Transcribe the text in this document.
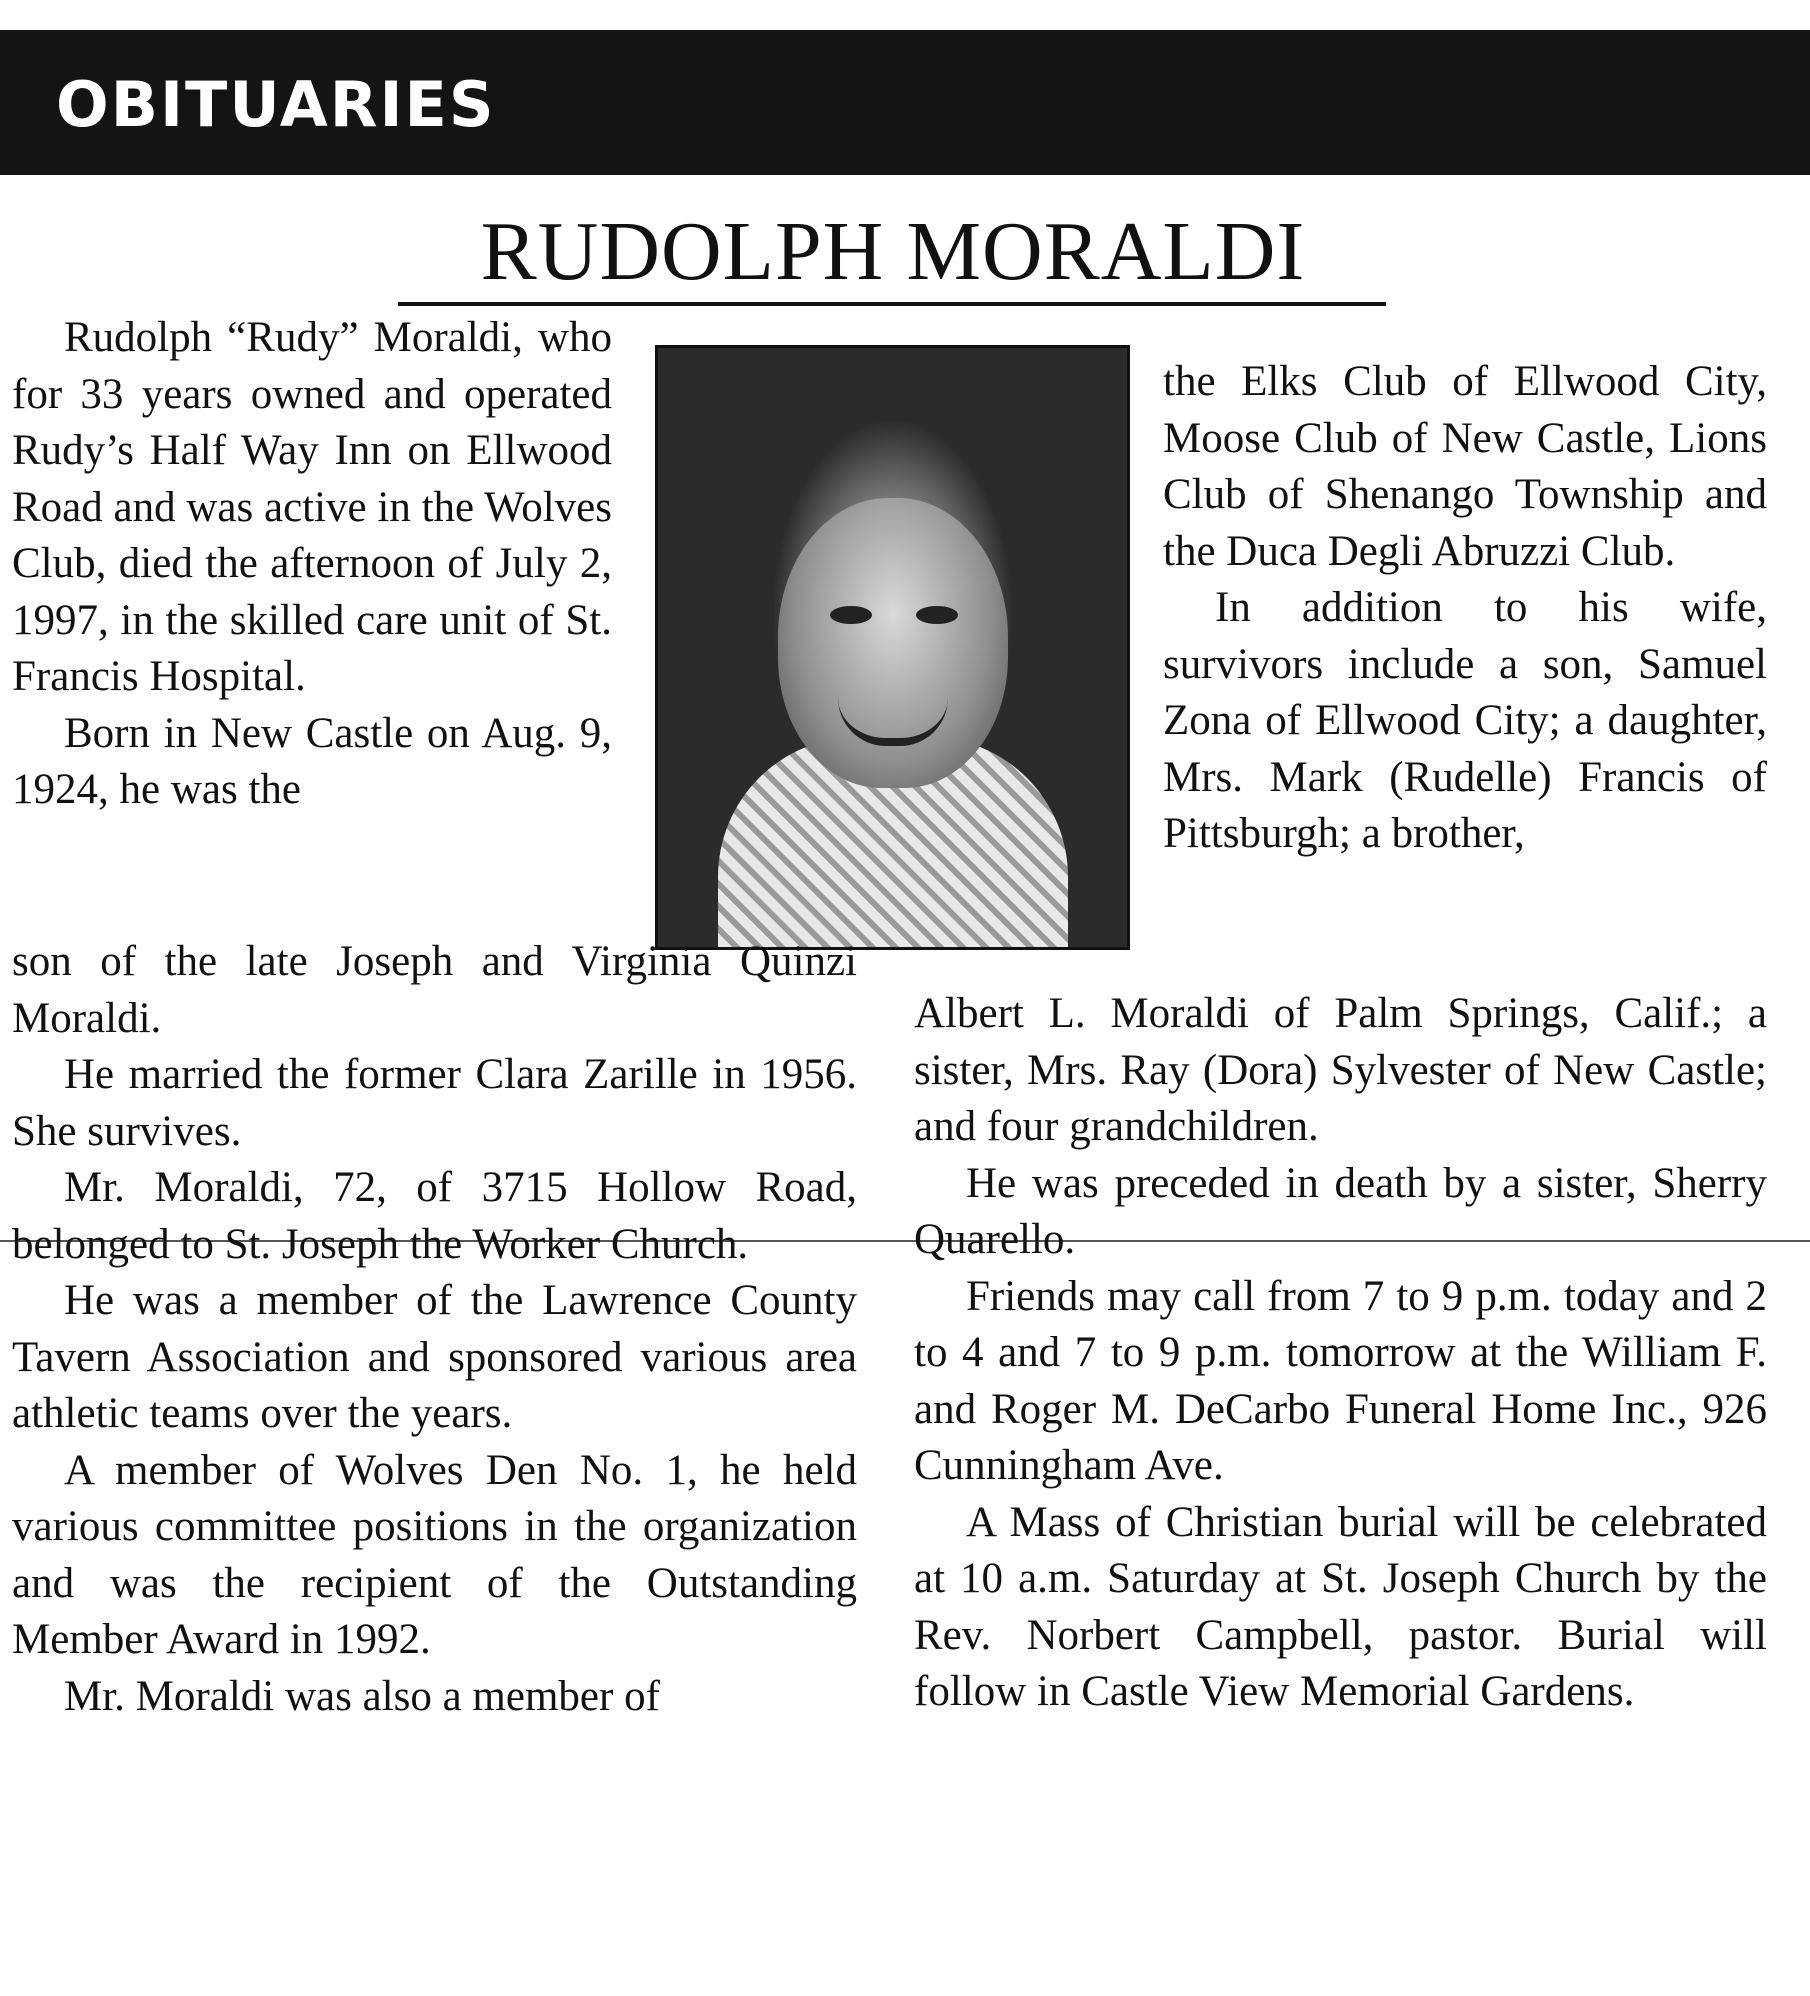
OBITUARIES
RUDOLPH MORALDI

Rudolph “Rudy” Moraldi, who for 33 years owned and operated Rudy’s Half Way Inn on Ellwood Road and was active in the Wolves Club, died the afternoon of July 2, 1997, in the skilled care unit of St. Francis Hospital.

Born in New Castle on Aug. 9, 1924, he was the

son of the late Joseph and Virginia Quinzi Moraldi.

He married the former Clara Zarille in 1956. She survives.

Mr. Moraldi, 72, of 3715 Hollow Road, belonged to St. Joseph the Worker Church.

He was a member of the Lawrence County Tavern Association and sponsored various area athletic teams over the years.

A member of Wolves Den No. 1, he held various committee positions in the organization and was the recipient of the Outstanding Member Award in 1992.

Mr. Moraldi was also a member of

the Elks Club of Ellwood City, Moose Club of New Castle, Lions Club of Shenango Township and the Duca Degli Abruzzi Club.

In addition to his wife, survivors include a son, Samuel Zona of Ellwood City; a daughter, Mrs. Mark (Rudelle) Francis of Pittsburgh; a brother,

Albert L. Moraldi of Palm Springs, Calif.; a sister, Mrs. Ray (Dora) Sylvester of New Castle; and four grandchildren.

He was preceded in death by a sister, Sherry Quarello.

Friends may call from 7 to 9 p.m. today and 2 to 4 and 7 to 9 p.m. tomorrow at the William F. and Roger M. DeCarbo Funeral Home Inc., 926 Cunningham Ave.

A Mass of Christian burial will be celebrated at 10 a.m. Saturday at St. Joseph Church by the Rev. Norbert Campbell, pastor. Burial will follow in Castle View Memorial Gardens.
